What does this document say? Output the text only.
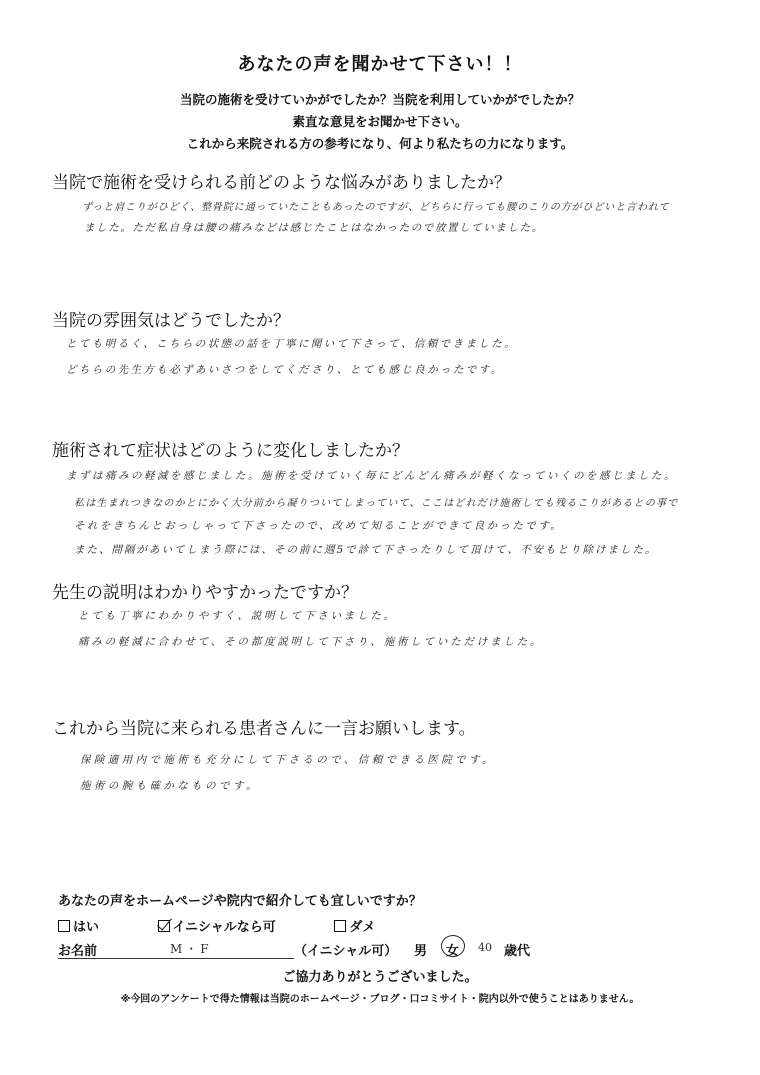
あなたの声を聞かせて下さい！！
当院の施術を受けていかがでしたか？当院を利用していかがでしたか？
素直な意見をお聞かせ下さい。
これから来院される方の参考になり、何より私たちの力になります。
当院で施術を受けられる前どのような悩みがありましたか？
ずっと肩こりがひどく、整骨院に通っていたこともあったのですが、どちらに行っても腰のこりの方がひどいと言われて
ました。ただ私自身は腰の痛みなどは感じたことはなかったので放置していました。
当院の雰囲気はどうでしたか？
とても明るく、こちらの状態の話を丁寧に聞いて下さって、信頼できました。
どちらの先生方も必ずあいさつをしてくださり、とても感じ良かったです。
施術されて症状はどのように変化しましたか？
まずは痛みの軽減を感じました。施術を受けていく毎にどんどん痛みが軽くなっていくのを感じました。
私は生まれつきなのかとにかく大分前から凝りついてしまっていて、ここはどれだけ施術しても残るこりがあるとの事で
それをきちんとおっしゃって下さったので、改めて知ることができて良かったです。
また、間隔があいてしまう際には、その前に週5で診て下さったりして頂けて、不安もとり除けました。
先生の説明はわかりやすかったですか？
とても丁寧にわかりやすく、説明して下さいました。
痛みの軽減に合わせて、その都度説明して下さり、施術していただけました。
これから当院に来られる患者さんに一言お願いします。
保険適用内で施術も充分にして下さるので、信頼できる医院です。
施術の腕も確かなものです。
あなたの声をホームページや院内で紹介しても宜しいですか？
はい	イニシャルなら可	ダメ
お名前	M・F	（イニシャル可） 男 女 40 歳代
ご協力ありがとうございました。
※今回のアンケートで得た情報は当院のホームページ・ブログ・口コミサイト・院内以外で使うことはありません。
